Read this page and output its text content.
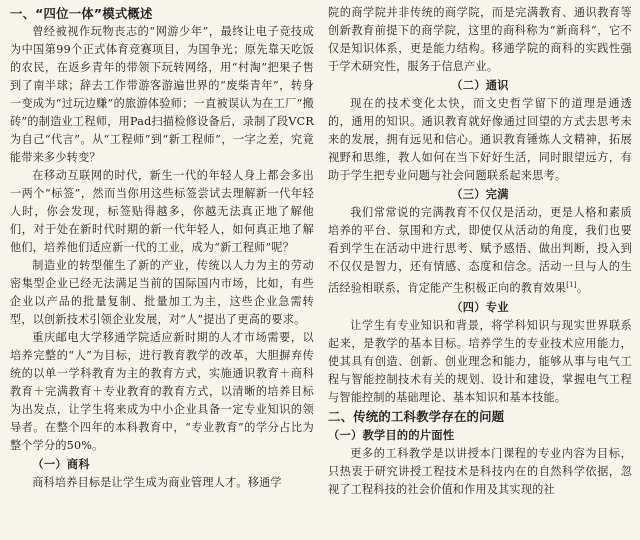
一、“四位一体”模式概述

曾经被视作玩物丧志的“网游少年”，最终让电子竞技成为中国第99个正式体育竞赛项目，为国争光；原先靠天吃饭的农民，在返乡青年的带领下玩转网络，用“村淘”把果子售到了南半球；辞去工作带游客游遍世界的“废柴青年”，转身一变成为“过玩边赚”的旅游体验师；一直被误认为在工厂“搬砖”的制造业工程师，用Pad扫描检修设备后，录制了段VCR为自己“代言”。从“工程师”到“新工程师”，一字之差，究竟能带来多少转变？

在移动互联网的时代，新生一代的年轻人身上都会多出一两个“标签”，然而当你用这些标签尝试去理解新一代年轻人时，你会发现，标签贴得越多，你越无法真正地了解他们，对于处在新时代时期的新一代年轻人，如何真正地了解他们，培养他们适应新一代的工业，成为“新工程师”呢？

制造业的转型催生了新的产业，传统以人力为主的劳动密集型企业已经无法满足当前的国际国内市场，比如，有些企业以产品的批量复制、批量加工为主，这些企业急需转型，以创新技术引领企业发展，对“人”提出了更高的要求。

重庆邮电大学移通学院适应新时期的人才市场需要，以培养完整的“人”为目标，进行教育教学的改革，大胆摒弃传统的以单一学科教育为主的教育方式，实施通识教育＋商科教育＋完满教育＋专业教育的教育方式，以清晰的培养目标为出发点，让学生将来成为中小企业具备一定专业知识的领导者。在整个四年的本科教育中，“专业教育”的学分占比为整个学分的50%。

（一）商科

商科培养目标是让学生成为商业管理人才。移通学

院的商学院并非传统的商学院，而是完满教育、通识教育等创新教育前提下的商学院，这里的商科称为“新商科”，它不仅是知识体系，更是能力结构。移通学院的商科的实践性强于学术研究性，服务于信息产业。

（二）通识

现在的技术变化太快，而文史哲学留下的道理是通透的，通用的知识。通识教育就好像通过回望的方式去思考未来的发展，拥有远见和信心。通识教育锤炼人文精神，拓展视野和思维，教人如何在当下好好生活，同时眼望远方，有助于学生把专业问题与社会问题联系起来思考。

（三）完满

我们常常说的完满教育不仅仅是活动，更是人格和素质培养的平台、氛围和方式，即使仅从活动的角度，我们也要看到学生在活动中进行思考、赋予感悟、做出判断，投入到不仅仅是智力，还有情感、态度和信念。活动一旦与人的生活经验相联系，肯定能产生积极正向的教育效果[1]。

（四）专业

让学生有专业知识和背景，将学科知识与现实世界联系起来，是教学的基本目标。培养学生的专业技术应用能力，使其具有创造、创新、创业理念和能力，能够从事与电气工程与智能控制技术有关的规划、设计和建设，掌握电气工程与智能控制的基础理论、基本知识和基本技能。

二、传统的工科教学存在的问题
（一）教学目的的片面性

更多的工科教学是以讲授本门课程的专业内容为目标，只热衷于研究讲授工程技术是科技内在的自然科学依据，忽视了工程科技的社会价值和作用及其实现的社
